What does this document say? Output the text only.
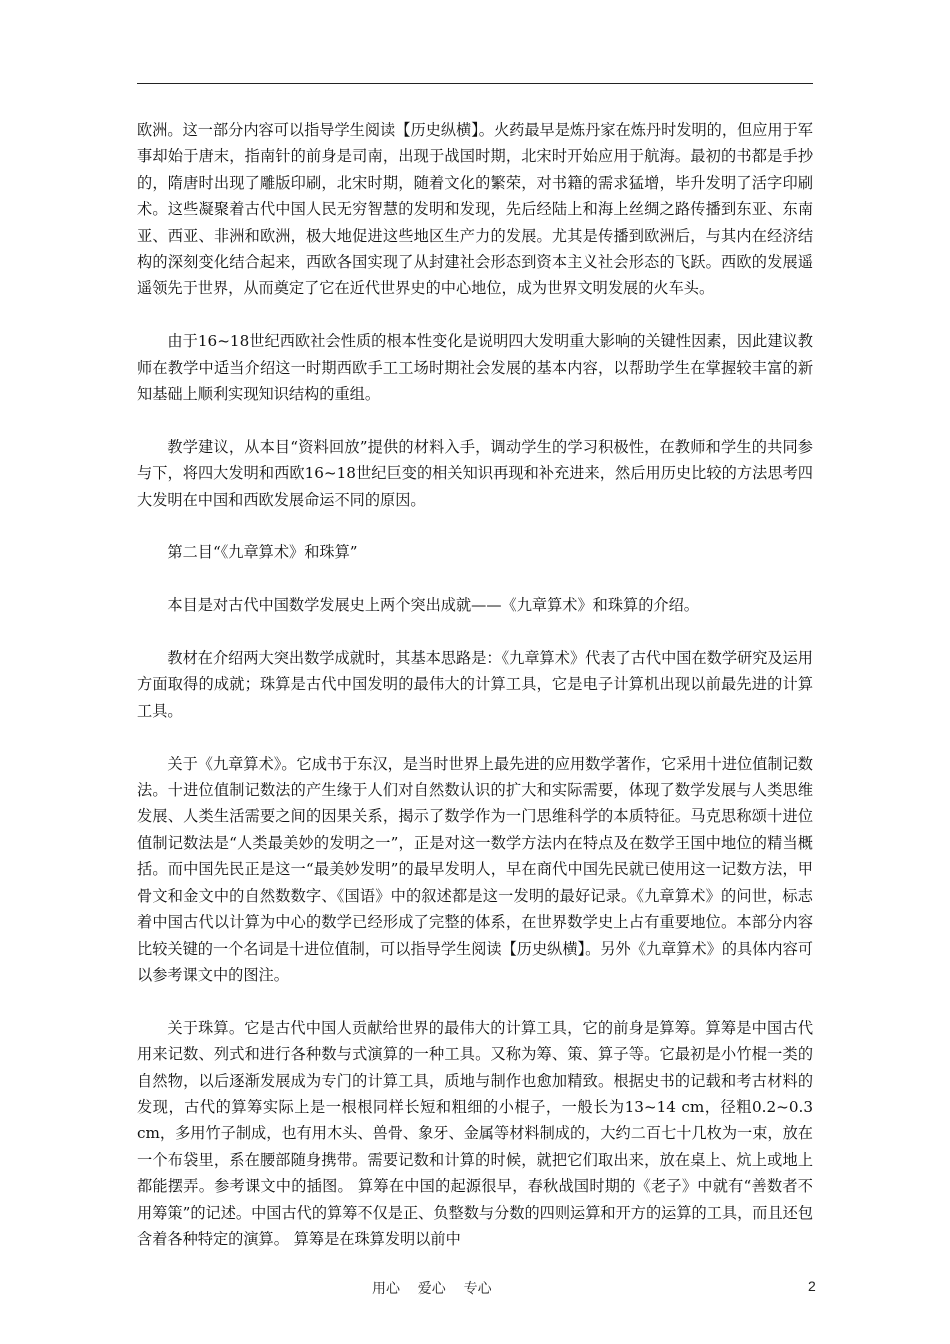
欧洲。这一部分内容可以指导学生阅读【历史纵横】。火药最早是炼丹家在炼丹时发明的，但应用于军事却始于唐末，指南针的前身是司南，出现于战国时期，北宋时开始应用于航海。最初的书都是手抄的，隋唐时出现了雕版印刷，北宋时期，随着文化的繁荣，对书籍的需求猛增，毕升发明了活字印刷术。这些凝聚着古代中国人民无穷智慧的发明和发现，先后经陆上和海上丝绸之路传播到东亚、东南亚、西亚、非洲和欧洲，极大地促进这些地区生产力的发展。尤其是传播到欧洲后，与其内在经济结构的深刻变化结合起来，西欧各国实现了从封建社会形态到资本主义社会形态的飞跃。西欧的发展遥遥领先于世界，从而奠定了它在近代世界史的中心地位，成为世界文明发展的火车头。

由于16~18世纪西欧社会性质的根本性变化是说明四大发明重大影响的关键性因素，因此建议教师在教学中适当介绍这一时期西欧手工工场时期社会发展的基本内容，以帮助学生在掌握较丰富的新知基础上顺利实现知识结构的重组。

教学建议，从本目“资料回放”提供的材料入手，调动学生的学习积极性，在教师和学生的共同参与下，将四大发明和西欧16~18世纪巨变的相关知识再现和补充进来，然后用历史比较的方法思考四大发明在中国和西欧发展命运不同的原因。

第二目“《九章算术》和珠算”

本目是对古代中国数学发展史上两个突出成就——《九章算术》和珠算的介绍。

教材在介绍两大突出数学成就时，其基本思路是：《九章算术》代表了古代中国在数学研究及运用方面取得的成就；珠算是古代中国发明的最伟大的计算工具，它是电子计算机出现以前最先进的计算工具。

关于《九章算术》。它成书于东汉，是当时世界上最先进的应用数学著作，它采用十进位值制记数法。十进位值制记数法的产生缘于人们对自然数认识的扩大和实际需要，体现了数学发展与人类思维发展、人类生活需要之间的因果关系，揭示了数学作为一门思维科学的本质特征。马克思称颂十进位值制记数法是“人类最美妙的发明之一”，正是对这一数学方法内在特点及在数学王国中地位的精当概括。而中国先民正是这一“最美妙发明”的最早发明人，早在商代中国先民就已使用这一记数方法，甲骨文和金文中的自然数数字、《国语》中的叙述都是这一发明的最好记录。《九章算术》的问世，标志着中国古代以计算为中心的数学已经形成了完整的体系，在世界数学史上占有重要地位。本部分内容比较关键的一个名词是十进位值制，可以指导学生阅读【历史纵横】。另外《九章算术》的具体内容可以参考课文中的图注。

关于珠算。它是古代中国人贡献给世界的最伟大的计算工具，它的前身是算筹。算筹是中国古代用来记数、列式和进行各种数与式演算的一种工具。又称为筹、策、算子等。它最初是小竹棍一类的自然物，以后逐渐发展成为专门的计算工具，质地与制作也愈加精致。根据史书的记载和考古材料的发现，古代的算筹实际上是一根根同样长短和粗细的小棍子，一般长为13~14 cm，径粗0.2~0.3 cm，多用竹子制成，也有用木头、兽骨、象牙、金属等材料制成的，大约二百七十几枚为一束，放在一个布袋里，系在腰部随身携带。需要记数和计算的时候，就把它们取出来，放在桌上、炕上或地上都能摆弄。参考课文中的插图。 算筹在中国的起源很早，春秋战国时期的《老子》中就有“善数者不用筹策”的记述。中国古代的算筹不仅是正、负整数与分数的四则运算和开方的运算的工具，而且还包含着各种特定的演算。 算筹是在珠算发明以前中

用心    爱心    专心	2
